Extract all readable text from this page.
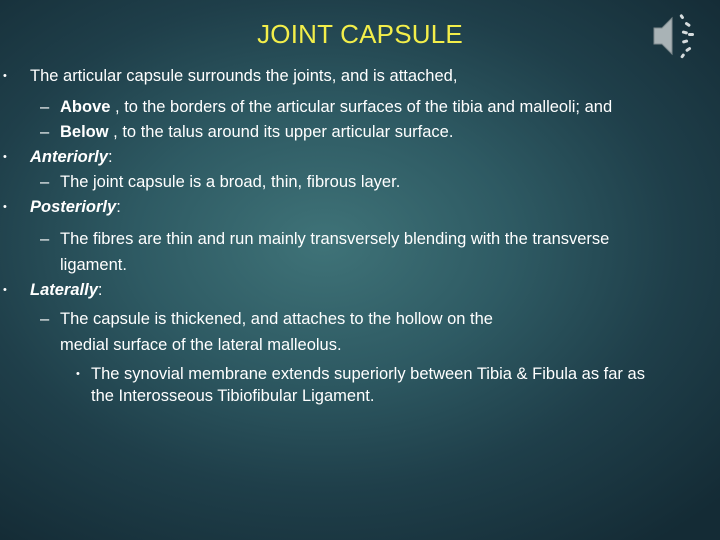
JOINT CAPSULE
• The articular capsule surrounds the joints, and is attached,
– Above , to the borders of the articular surfaces of the tibia and malleoli; and
– Below , to the talus around its upper articular surface.
• Anteriorly:
– The joint capsule is a broad, thin, fibrous layer.
• Posteriorly:
– The fibres are thin and run mainly transversely blending with the transverse
ligament.
• Laterally:
– The capsule is thickened, and attaches to the hollow on the
medial surface of the lateral malleolus.
• The synovial membrane extends superiorly between Tibia & Fibula as far as
the Interosseous Tibiofibular Ligament.
